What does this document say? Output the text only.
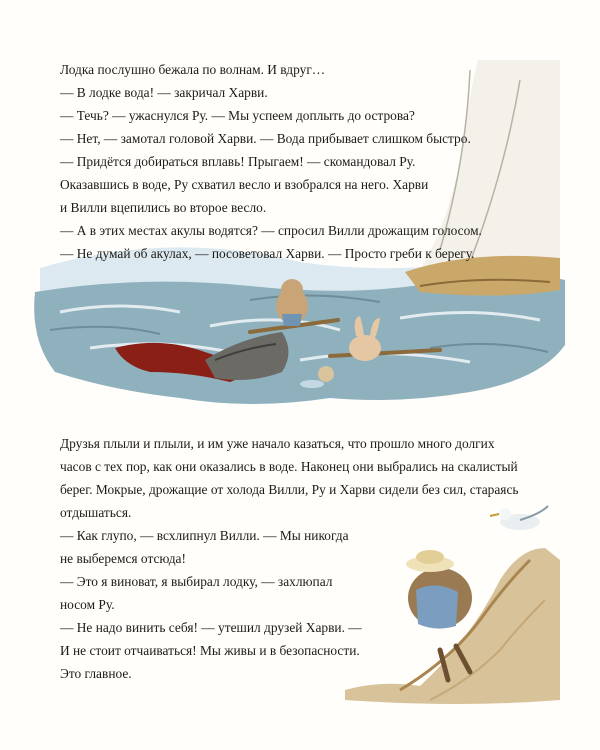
Лодка послушно бежала по волнам. И вдруг…
— В лодке вода! — закричал Харви.
— Течь? — ужаснулся Ру. — Мы успеем доплыть до острова?
— Нет, — замотал головой Харви. — Вода прибывает слишком быстро.
— Придётся добираться вплавь! Прыгаем! — скомандовал Ру.
Оказавшись в воде, Ру схватил весло и взобрался на него. Харви
и Вилли вцепились во второе весло.
— А в этих местах акулы водятся? — спросил Вилли дрожащим голосом.
— Не думай об акулах, — посоветовал Харви. — Просто греби к берегу.
Друзья плыли и плыли, и им уже начало казаться, что прошло много долгих
часов с тех пор, как они оказались в воде. Наконец они выбрались на скалистый
берег. Мокрые, дрожащие от холода Вилли, Ру и Харви сидели без сил, стараясь
отдышаться.
— Как глупо, — всхлипнул Вилли. — Мы никогда
не выберемся отсюда!
— Это я виноват, я выбирал лодку, — захлюпал
носом Ру.
— Не надо винить себя! — утешил друзей Харви. —
И не стоит отчаиваться! Мы живы и в безопасности.
Это главное.
